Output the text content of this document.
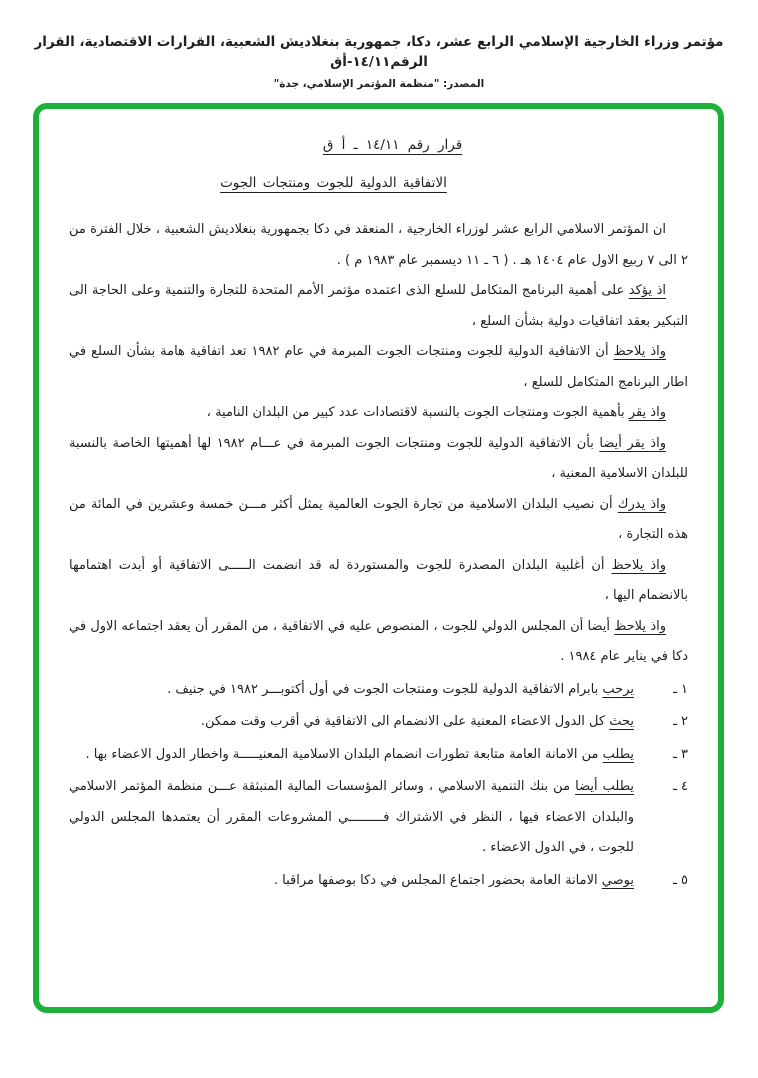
مؤتمر وزراء الخارجية الإسلامي الرابع عشر، دكا، جمهورية بنغلاديش الشعبية، القرارات الاقتصادية، القرار الرقم١٤/١١-أق
المصدر: "منظمة المؤتمر الإسلامي، جدة"
قرار رقم ١٤/١١ ـ أ ق
الاتفاقية الدولية للجوت ومنتجات الجوت

ان المؤتمر الاسلامي الرابع عشر لوزراء الخارجية ، المنعقد في دكا بجمهورية بنغلاديش الشعبية ، خلال الفترة من ٢ الى ٧ ربيع الاول عام ١٤٠٤ هـ . ( ٦ ـ ١١ ديسمبر عام ١٩٨٣ م ) .

اذ يؤكد على أهمية البرنامج المتكامل للسلع الذى اعتمده مؤتمر الأمم المتحدة للتجارة والتنمية وعلى الحاجة الى التبكير بعقد اتفاقيات دولية بشأن السلع ،

واذ يلاحظ أن الاتفاقية الدولية للجوت ومنتجات الجوت المبرمة في عام ١٩٨٢ تعد اتفاقية هامة بشأن السلع في اطار البرنامج المتكامل للسلع ،

واذ يقر بأهمية الجوت ومنتجات الجوت بالنسبة لاقتصادات عدد كبير من البلدان النامية ،

واذ يقر أيضا بأن الاتفاقية الدولية للجوت ومنتجات الجوت المبرمة في عـــام ١٩٨٢ لها أهميتها الخاصة بالنسبة للبلدان الاسلامية المعنية ،

واذ يدرك أن نصيب البلدان الاسلامية من تجارة الجوت العالمية يمثل أكثر مـــن خمسة وعشرين في المائة من هذه التجارة ،

واذ يلاحظ أن أغلبية البلدان المصدرة للجوت والمستوردة له قد انضمت الـــــى الاتفاقية أو أبدت اهتمامها بالانضمام اليها ،

واذ يلاحظ أيضا أن المجلس الدولي للجوت ، المنصوص عليه في الاتفاقية ، من المقرر أن يعقد اجتماعه الاول في دكا في يناير عام ١٩٨٤ .

١ ـ

يرحب بابرام الاتفاقية الدولية للجوت ومنتجات الجوت في أول أكتوبـــر ١٩٨٢ في جنيف .

٢ ـ

يحث كل الدول الاعضاء المعنية على الانضمام الى الاتفاقية في أقرب وقت ممكن.

٣ ـ

يطلب من الامانة العامة متابعة تطورات انضمام البلدان الاسلامية المعنيـــــة واخطار الدول الاعضاء بها .

٤ ـ

يطلب أيضا من بنك التنمية الاسلامي ، وسائر المؤسسات المالية المنبثقة عـــن منظمة المؤتمر الاسلامي والبلدان الاعضاء فيها ، النظر في الاشتراك فـــــــــي المشروعات المقرر أن يعتمدها المجلس الدولي للجوت ، في الدول الاعضاء .

٥ ـ

يوصي الامانة العامة بحضور اجتماع المجلس في دكا بوصفها مراقبا .
